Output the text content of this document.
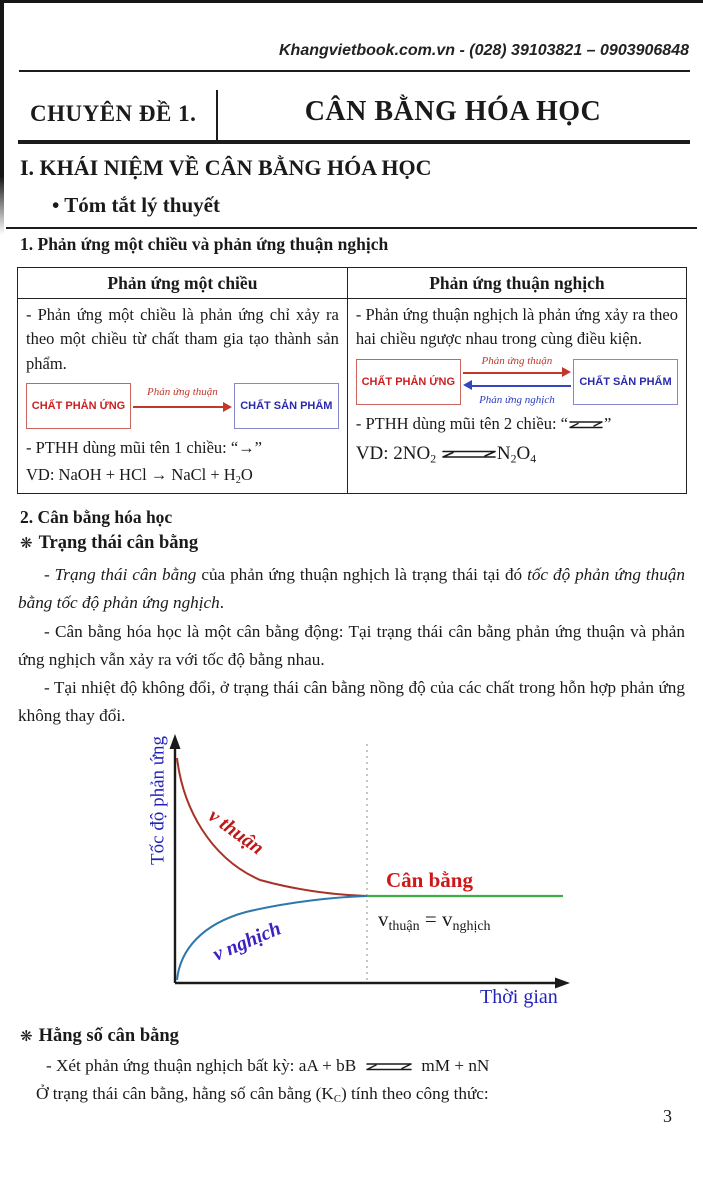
Khangvietbook.com.vn - (028) 39103821 – 0903906848
CHUYÊN ĐỀ 1.	CÂN BẰNG HÓA HỌC
I. KHÁI NIỆM VỀ CÂN BẰNG HÓA HỌC
• Tóm tắt lý thuyết
1. Phản ứng một chiều và phản ứng thuận nghịch
Phản ứng một chiều
- Phản ứng một chiều là phản ứng chỉ xảy ra theo một chiều từ chất tham gia tạo thành sản phẩm.
CHẤT PHẢN ỨNG
Phản ứng thuận
CHẤT SẢN PHẨM
- PTHH dùng mũi tên 1 chiều: “→”
VD: NaOH + HCl → NaCl + H2O
Phản ứng thuận nghịch
- Phản ứng thuận nghịch là phản ứng xảy ra theo hai chiều ngược nhau trong cùng điều kiện.
CHẤT PHẢN ỨNG
Phản ứng thuận
Phản ứng nghịch
CHẤT SẢN PHẨM
- PTHH dùng mũi tên 2 chiều: “⇌”
VD: 2NO2 ⇌N2O4
2. Cân bằng hóa học
❋ Trạng thái cân bằng
- Trạng thái cân bằng của phản ứng thuận nghịch là trạng thái tại đó tốc độ phản ứng thuận bằng tốc độ phản ứng nghịch.
- Cân bằng hóa học là một cân bằng động: Tại trạng thái cân bằng phản ứng thuận và phản ứng nghịch vẫn xảy ra với tốc độ bằng nhau.
- Tại nhiệt độ không đổi, ở trạng thái cân bằng nồng độ của các chất trong hỗn hợp phản ứng không thay đổi.
Tốc độ phản ứng v thuận
v nghịch
Cân bằng
vthuận = vnghịch
Thời gian
❋ Hằng số cân bằng
- Xét phản ứng thuận nghịch bất kỳ: aA + bB ⇌ mM + nN
Ở trạng thái cân bằng, hằng số cân bằng (KC) tính theo công thức:
3
